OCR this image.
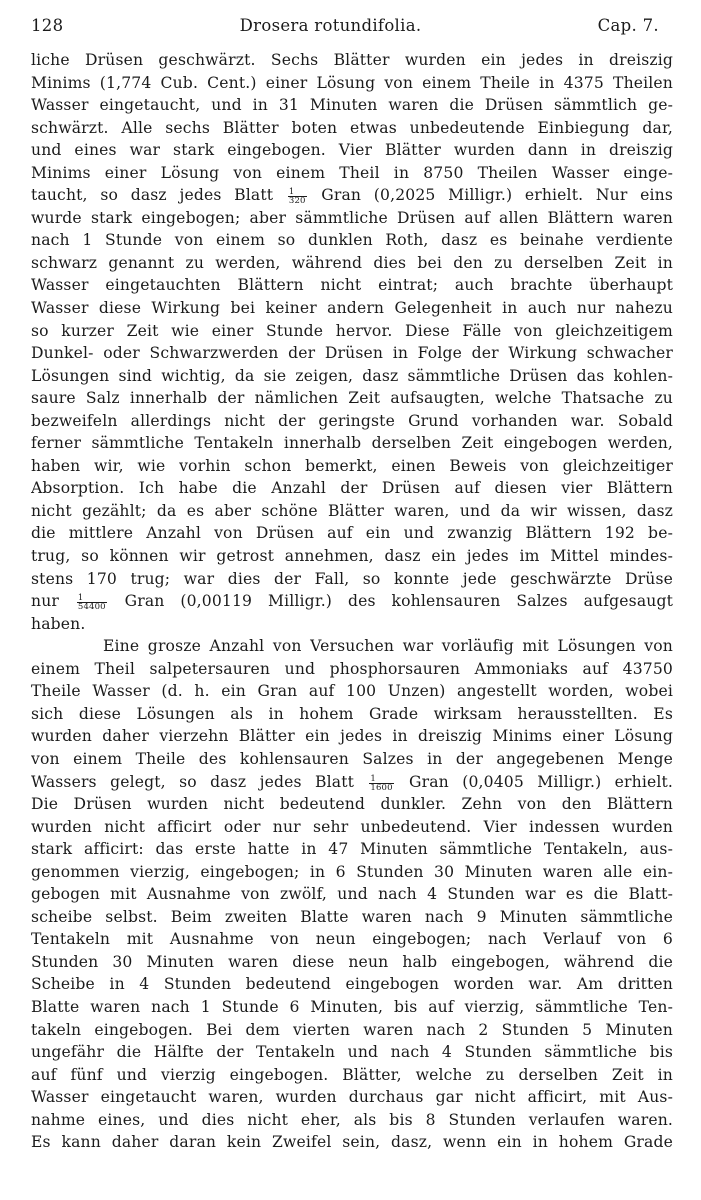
128	Drosera rotundifolia.	Cap. 7.

liche Drüsen geschwärzt. Sechs Blätter wurden ein jedes in dreiszig
Minims (1,774 Cub. Cent.) einer Lösung von einem Theile in 4375 Theilen
Wasser eingetaucht, und in 31 Minuten waren die Drüsen sämmtlich ge-
schwärzt. Alle sechs Blätter boten etwas unbedeutende Einbiegung dar,
und eines war stark eingebogen. Vier Blätter wurden dann in dreiszig
Minims einer Lösung von einem Theil in 8750 Theilen Wasser einge-
taucht, so dasz jedes Blatt $\frac{1}{320}$ Gran (0,2025 Milligr.) erhielt. Nur eins
wurde stark eingebogen; aber sämmtliche Drüsen auf allen Blättern waren
nach 1 Stunde von einem so dunklen Roth, dasz es beinahe verdiente
schwarz genannt zu werden, während dies bei den zu derselben Zeit in
Wasser eingetauchten Blättern nicht eintrat; auch brachte überhaupt
Wasser diese Wirkung bei keiner andern Gelegenheit in auch nur nahezu
so kurzer Zeit wie einer Stunde hervor. Diese Fälle von gleichzeitigem
Dunkel- oder Schwarzwerden der Drüsen in Folge der Wirkung schwacher
Lösungen sind wichtig, da sie zeigen, dasz sämmtliche Drüsen das kohlen-
saure Salz innerhalb der nämlichen Zeit aufsaugten, welche Thatsache zu
bezweifeln allerdings nicht der geringste Grund vorhanden war. Sobald
ferner sämmtliche Tentakeln innerhalb derselben Zeit eingebogen werden,
haben wir, wie vorhin schon bemerkt, einen Beweis von gleichzeitiger
Absorption. Ich habe die Anzahl der Drüsen auf diesen vier Blättern
nicht gezählt; da es aber schöne Blätter waren, und da wir wissen, dasz
die mittlere Anzahl von Drüsen auf ein und zwanzig Blättern 192 be-
trug, so können wir getrost annehmen, dasz ein jedes im Mittel mindes-
stens 170 trug; war dies der Fall, so konnte jede geschwärzte Drüse
nur $\frac{1}{54400}$ Gran (0,00119 Milligr.) des kohlensauren Salzes aufgesaugt
haben.

Eine grosze Anzahl von Versuchen war vorläufig mit Lösungen von
einem Theil salpetersauren und phosphorsauren Ammoniaks auf 43750
Theile Wasser (d. h. ein Gran auf 100 Unzen) angestellt worden, wobei
sich diese Lösungen als in hohem Grade wirksam herausstellten. Es
wurden daher vierzehn Blätter ein jedes in dreiszig Minims einer Lösung
von einem Theile des kohlensauren Salzes in der angegebenen Menge
Wassers gelegt, so dasz jedes Blatt $\frac{1}{1600}$ Gran (0,0405 Milligr.) erhielt.
Die Drüsen wurden nicht bedeutend dunkler. Zehn von den Blättern
wurden nicht afficirt oder nur sehr unbedeutend. Vier indessen wurden
stark afficirt: das erste hatte in 47 Minuten sämmtliche Tentakeln, aus-
genommen vierzig, eingebogen; in 6 Stunden 30 Minuten waren alle ein-
gebogen mit Ausnahme von zwölf, und nach 4 Stunden war es die Blatt-
scheibe selbst. Beim zweiten Blatte waren nach 9 Minuten sämmtliche
Tentakeln mit Ausnahme von neun eingebogen; nach Verlauf von 6
Stunden 30 Minuten waren diese neun halb eingebogen, während die
Scheibe in 4 Stunden bedeutend eingebogen worden war. Am dritten
Blatte waren nach 1 Stunde 6 Minuten, bis auf vierzig, sämmtliche Ten-
takeln eingebogen. Bei dem vierten waren nach 2 Stunden 5 Minuten
ungefähr die Hälfte der Tentakeln und nach 4 Stunden sämmtliche bis
auf fünf und vierzig eingebogen. Blätter, welche zu derselben Zeit in
Wasser eingetaucht waren, wurden durchaus gar nicht afficirt, mit Aus-
nahme eines, und dies nicht eher, als bis 8 Stunden verlaufen waren.
Es kann daher daran kein Zweifel sein, dasz, wenn ein in hohem Grade
